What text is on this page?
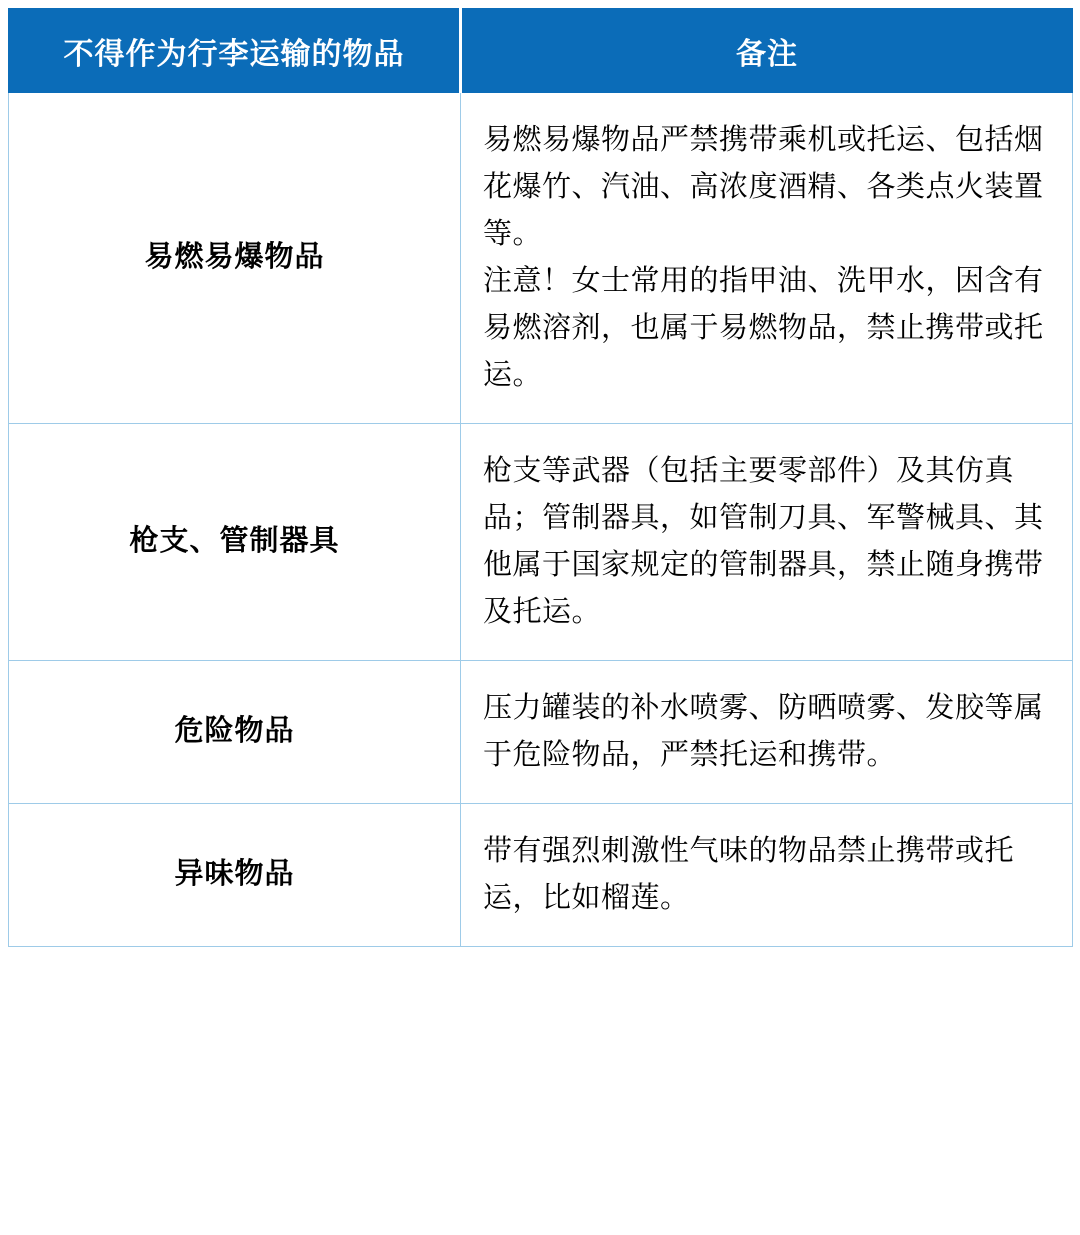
不得作为行李运输的物品	备注
易燃易爆物品	易燃易爆物品严禁携带乘机或托运、包括烟花爆竹、汽油、高浓度酒精、各类点火装置等。

注意！女士常用的指甲油、洗甲水，因含有易燃溶剂，也属于易燃物品，禁止携带或托运。

枪支、管制器具	枪支等武器（包括主要零部件）及其仿真品；管制器具，如管制刀具、军警械具、其他属于国家规定的管制器具，禁止随身携带及托运。

危险物品	压力罐装的补水喷雾、防晒喷雾、发胶等属于危险物品，严禁托运和携带。

异味物品	带有强烈刺激性气味的物品禁止携带或托运，比如榴莲。
